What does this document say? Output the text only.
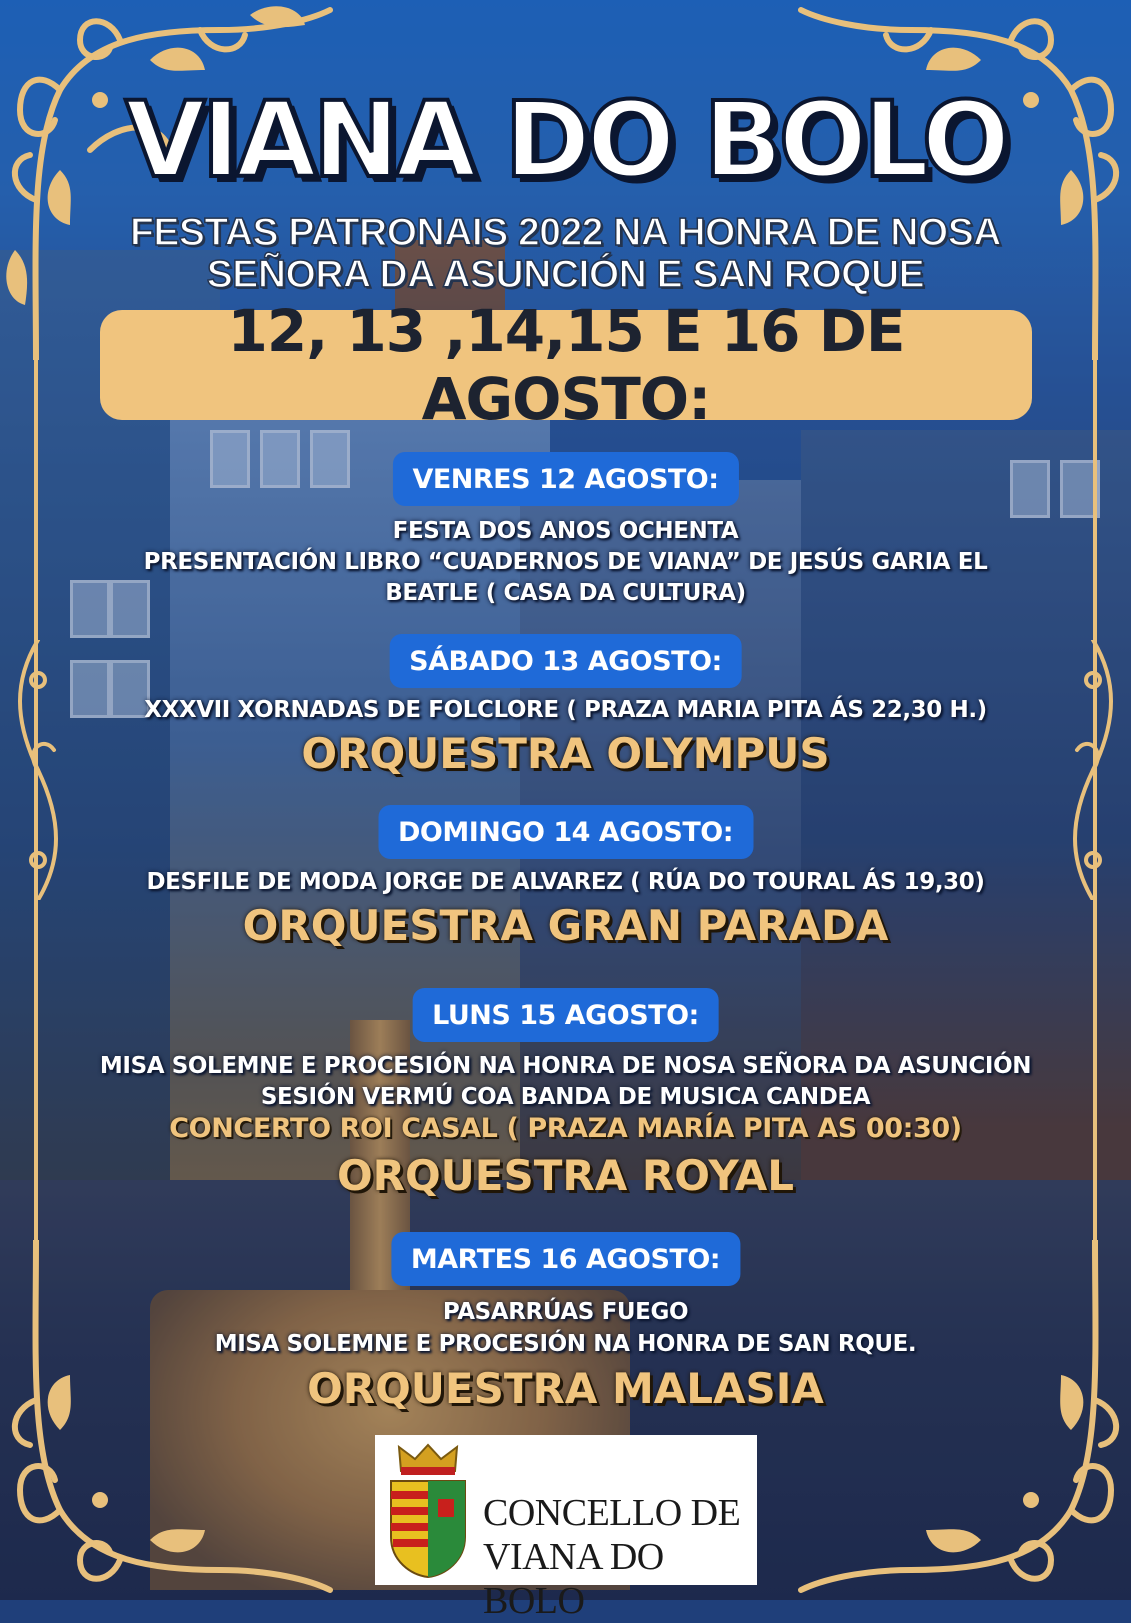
VIANA DO BOLO
FESTAS PATRONAIS 2022 NA HONRA DE NOSA
SEÑORA DA ASUNCIÓN E SAN ROQUE
12, 13 ,14,15 E 16 DE AGOSTO:
VENRES 12 AGOSTO:
FESTA DOS ANOS OCHENTA
PRESENTACIÓN LIBRO “CUADERNOS DE VIANA” DE JESÚS GARIA EL
BEATLE ( CASA DA CULTURA)
SÁBADO 13 AGOSTO:
XXXVII XORNADAS DE FOLCLORE ( PRAZA MARIA PITA ÁS 22,30 H.)
ORQUESTRA OLYMPUS
DOMINGO 14 AGOSTO:
DESFILE DE MODA JORGE DE ALVAREZ ( RÚA DO TOURAL ÁS 19,30)
ORQUESTRA GRAN PARADA
LUNS 15 AGOSTO:
MISA SOLEMNE E PROCESIÓN NA HONRA DE NOSA SEÑORA DA ASUNCIÓN
SESIÓN VERMÚ COA BANDA DE MUSICA CANDEA
CONCERTO ROI CASAL ( PRAZA MARÍA PITA AS 00:30)
ORQUESTRA ROYAL
MARTES 16 AGOSTO:
PASARRÚAS FUEGO
MISA SOLEMNE E PROCESIÓN NA HONRA DE SAN RQUE.
ORQUESTRA MALASIA
CONCELLO DE
VIANA DO BOLO
